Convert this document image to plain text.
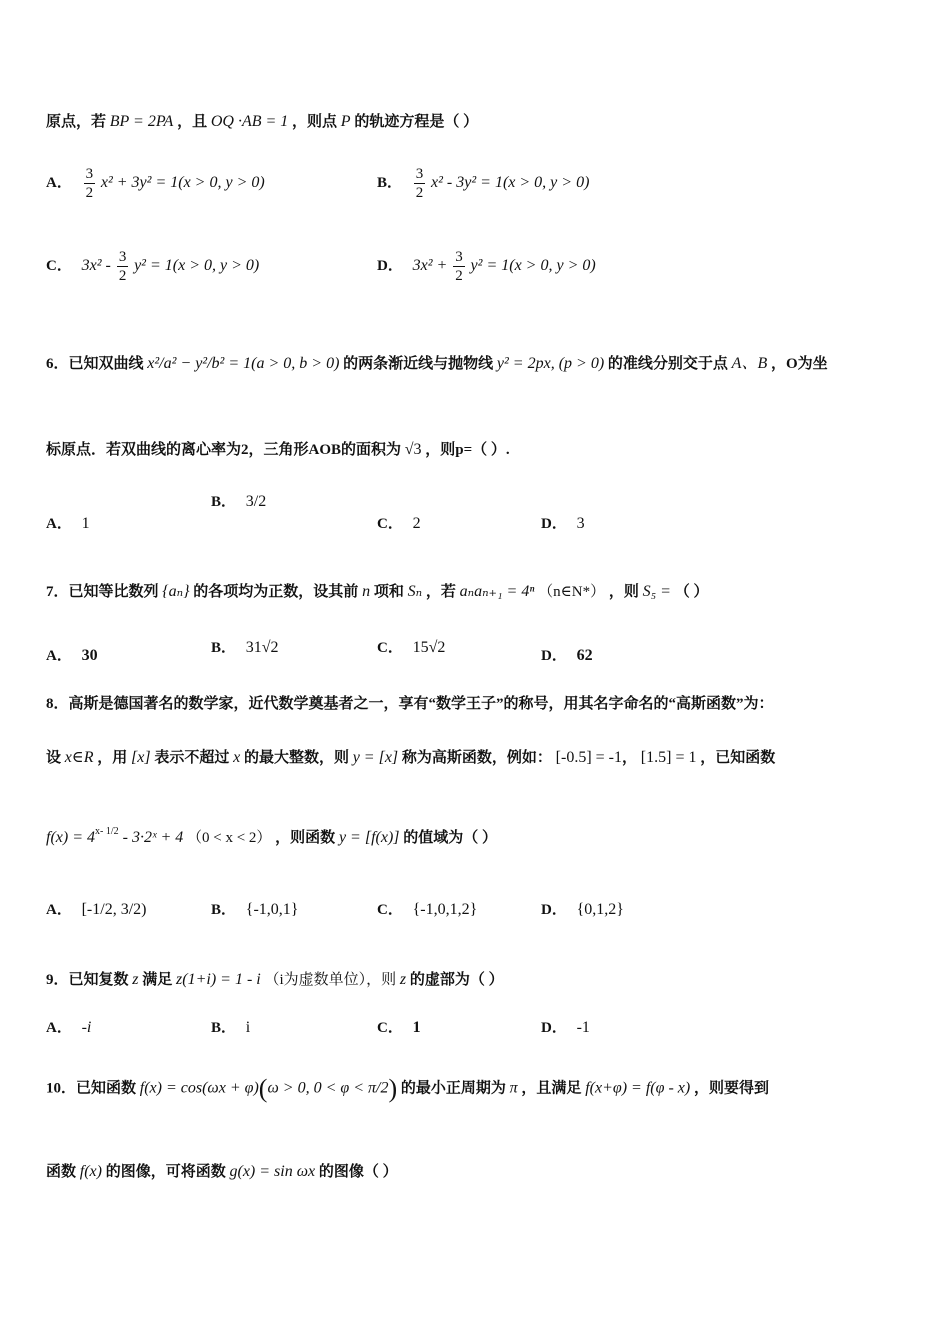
原点，若 BP = 2PA ，且 OQ ·AB = 1 ，则点 P 的轨迹方程是（ ）
A． $\frac{3}{2} x^2 + 3y^2 = 1(x > 0$, y > 0)	B． $\frac{3}{2} x^2 - 3y^2 = 1(x > 0$, y > 0)
C． $3x^2 - \frac{3}{2} y^2 = 1(x > 0$, y > 0)	D． $3x^2 + \frac{3}{2} y^2 = 1(x > 0$, y > 0)
6．已知双曲线 x²/a² − y²/b² = 1(a > 0, b > 0) 的两条渐近线与抛物线 y² = 2px, (p > 0) 的准线分别交于点 A、B ，O为坐
标原点．若双曲线的离心率为2，三角形AOB的面积为 √3 ，则p=（ ）.
A． 1
B． 3/2
C． 2	D． 3
7．已知等比数列 {aₙ} 的各项均为正数，设其前 n 项和 Sₙ ，若 aₙaₙ₊₁ = 4ⁿ （n∈N*） ，则 S₅ = （ ）
A． 30	B． 31√2	C． 15√2	D． 62
8．高斯是德国著名的数学家，近代数学奠基者之一，享有“数学王子”的称号，用其名字命名的“高斯函数”为：
设 x∈R ，用 [x] 表示不超过 x 的最大整数，则 y = [x] 称为高斯函数，例如： [-0.5] = -1， [1.5] = 1 ，已知函数
$f(x) = 4^{x- 1/2}$ - 3·2ˣ + 4 （0 < x < 2） ，则函数 y = [f(x)] 的值域为（ ）
A． [-1/2, 3/2)	B． {-1,0,1}	C． {-1,0,1,2}	D． {0,1,2}
9．已知复数 z 满足 z(1+i) = 1 - i （i为虚数单位），则 z 的虚部为（ ）
A． -i	B． i	C． 1	D． -1
10．已知函数 f(x) = cos(ωx + φ)(ω > 0, 0 < φ < π/2) 的最小正周期为 π ，且满足 f(x+φ) = f(φ - x) ，则要得到
函数 f(x) 的图像，可将函数 g(x) = sin ωx 的图像（ ）
